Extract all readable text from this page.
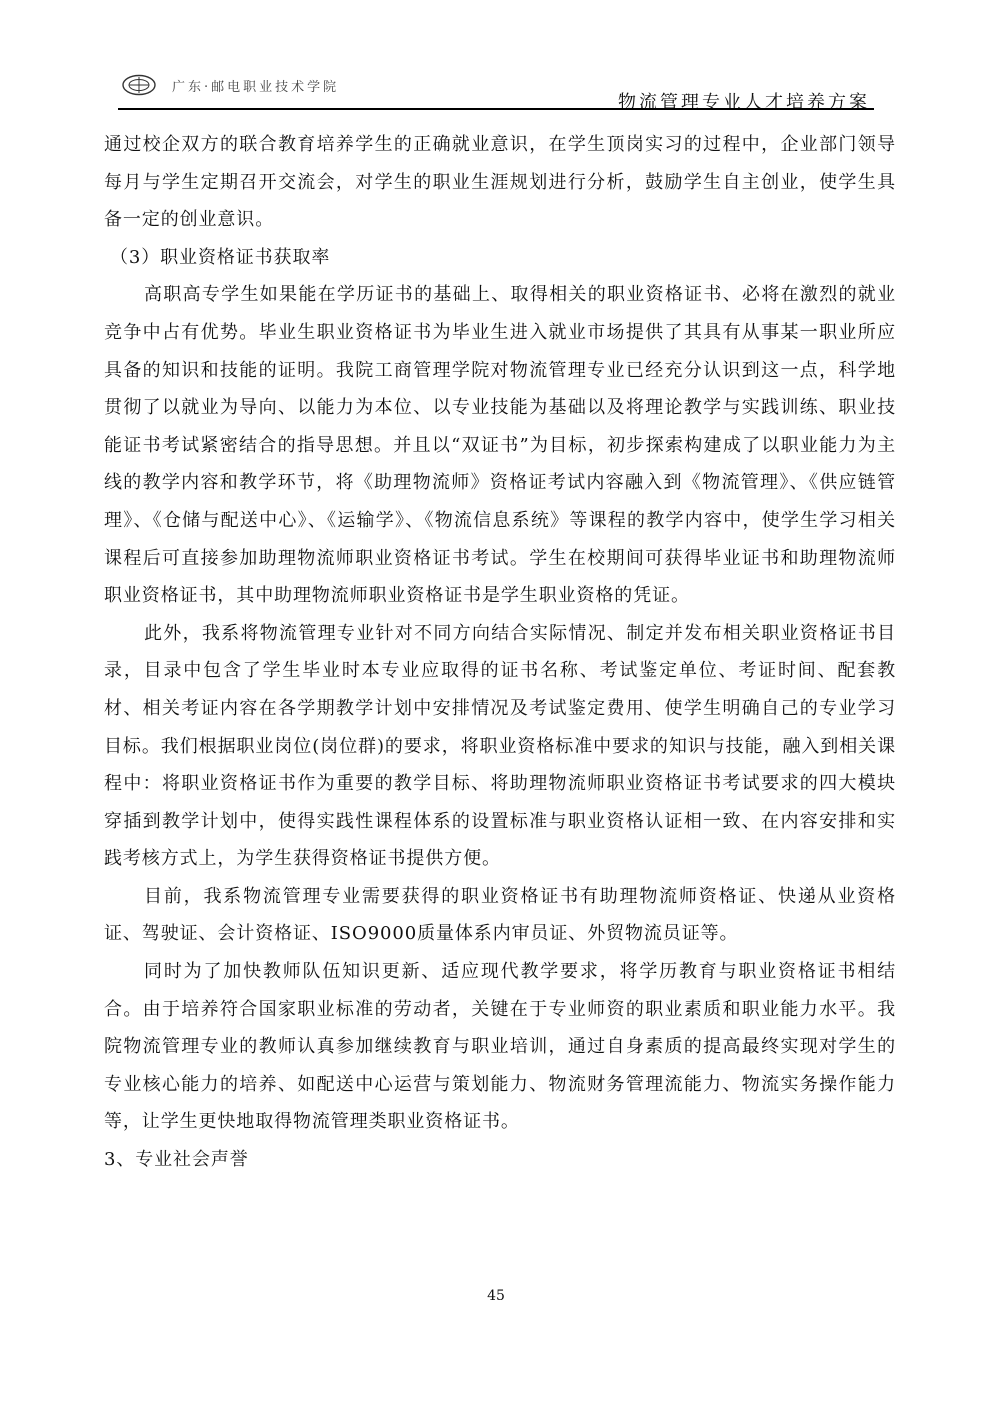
广东·邮电职业技术学院
物流管理专业人才培养方案

通过校企双方的联合教育培养学生的正确就业意识，在学生顶岗实习的过程中，企业部门领导每月与学生定期召开交流会，对学生的职业生涯规划进行分析，鼓励学生自主创业，使学生具备一定的创业意识。

（3）职业资格证书获取率

高职高专学生如果能在学历证书的基础上、取得相关的职业资格证书、必将在激烈的就业竞争中占有优势。毕业生职业资格证书为毕业生进入就业市场提供了其具有从事某一职业所应具备的知识和技能的证明。我院工商管理学院对物流管理专业已经充分认识到这一点，科学地贯彻了以就业为导向、以能力为本位、以专业技能为基础以及将理论教学与实践训练、职业技能证书考试紧密结合的指导思想。并且以“双证书”为目标，初步探索构建成了以职业能力为主线的教学内容和教学环节，将《助理物流师》资格证考试内容融入到《物流管理》、《供应链管理》、《仓储与配送中心》、《运输学》、《物流信息系统》等课程的教学内容中，使学生学习相关课程后可直接参加助理物流师职业资格证书考试。学生在校期间可获得毕业证书和助理物流师职业资格证书，其中助理物流师职业资格证书是学生职业资格的凭证。

此外，我系将物流管理专业针对不同方向结合实际情况、制定并发布相关职业资格证书目录，目录中包含了学生毕业时本专业应取得的证书名称、考试鉴定单位、考证时间、配套教材、相关考证内容在各学期教学计划中安排情况及考试鉴定费用、使学生明确自己的专业学习目标。我们根据职业岗位(岗位群)的要求，将职业资格标准中要求的知识与技能，融入到相关课程中：将职业资格证书作为重要的教学目标、将助理物流师职业资格证书考试要求的四大模块穿插到教学计划中，使得实践性课程体系的设置标准与职业资格认证相一致、在内容安排和实践考核方式上，为学生获得资格证书提供方便。

目前，我系物流管理专业需要获得的职业资格证书有助理物流师资格证、快递从业资格证、驾驶证、会计资格证、ISO9000质量体系内审员证、外贸物流员证等。

同时为了加快教师队伍知识更新、适应现代教学要求，将学历教育与职业资格证书相结合。由于培养符合国家职业标准的劳动者，关键在于专业师资的职业素质和职业能力水平。我院物流管理专业的教师认真参加继续教育与职业培训，通过自身素质的提高最终实现对学生的专业核心能力的培养、如配送中心运营与策划能力、物流财务管理流能力、物流实务操作能力等，让学生更快地取得物流管理类职业资格证书。

3、专业社会声誉

45
